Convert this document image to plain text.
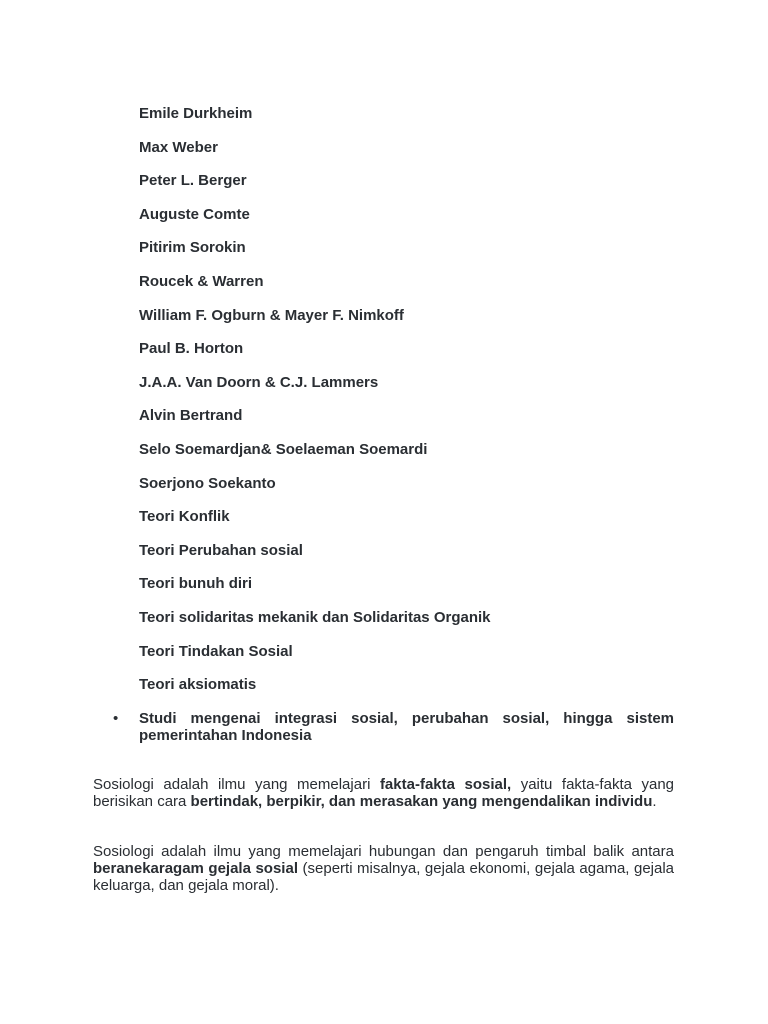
Emile Durkheim
Max Weber
Peter L. Berger
Auguste Comte
Pitirim Sorokin
Roucek & Warren
William F. Ogburn & Mayer F. Nimkoff
Paul B. Horton
J.A.A. Van Doorn & C.J. Lammers
Alvin Bertrand
Selo Soemardjan& Soelaeman Soemardi
Soerjono Soekanto
Teori Konflik
Teori Perubahan sosial
Teori bunuh diri
Teori solidaritas mekanik dan Solidaritas Organik
Teori Tindakan Sosial
Teori aksiomatis
•	Studi mengenai integrasi sosial, perubahan sosial, hingga sistem pemerintahan Indonesia

Sosiologi adalah ilmu yang memelajari fakta-fakta sosial, yaitu fakta-fakta yang berisikan cara bertindak, berpikir, dan merasakan yang mengendalikan individu.

Sosiologi adalah ilmu yang memelajari hubungan dan pengaruh timbal balik antara beranekaragam gejala sosial (seperti misalnya, gejala ekonomi, gejala agama, gejala keluarga, dan gejala moral).
